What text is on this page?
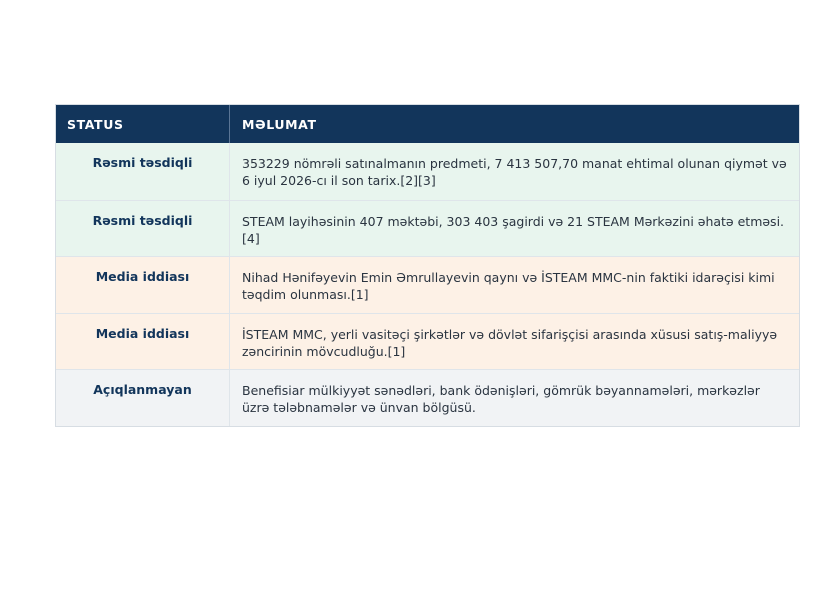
STATUS	MƏLUMAT
Rəsmi təsdiqli	353229 nömrəli satınalmanın predmeti, 7 413 507,70 manat ehtimal olunan qiymət və 6 iyul 2026-cı il son tarix.[2][3]
Rəsmi təsdiqli	STEAM layihəsinin 407 məktəbi, 303 403 şagirdi və 21 STEAM Mərkəzini əhatə etməsi.[4]
Media iddiası	Nihad Hənifəyevin Emin Əmrullayevin qaynı və İSTEAM MMC-nin faktiki idarəçisi kimi təqdim olunması.[1]
Media iddiası	İSTEAM MMC, yerli vasitəçi şirkətlər və dövlət sifarişçisi arasında xüsusi satış-maliyyə zəncirinin mövcudluğu.[1]
Açıqlanmayan	Benefisiar mülkiyyət sənədləri, bank ödənişləri, gömrük bəyannamələri, mərkəzlər üzrə tələbnamələr və ünvan bölgüsü.
